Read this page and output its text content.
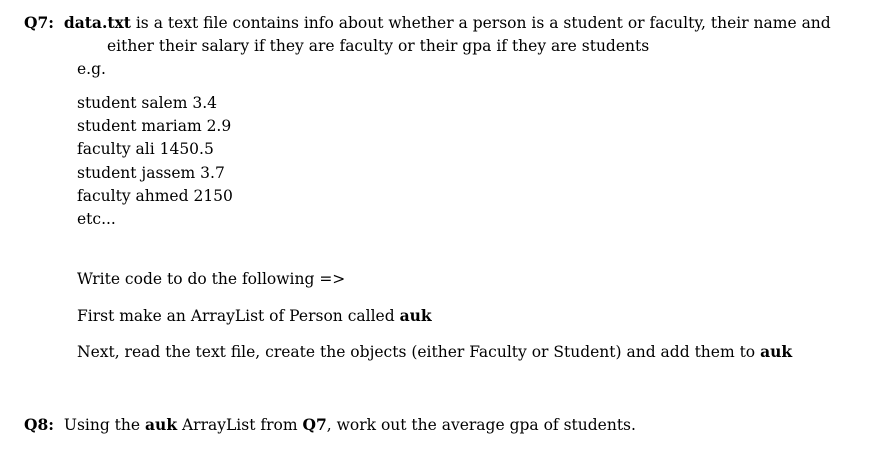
Q7: data.txt is a text file contains info about whether a person is a student or faculty, their name and
either their salary if they are faculty or their gpa if they are students
e.g.
student salem 3.4
student mariam 2.9
faculty ali 1450.5
student jassem 3.7
faculty ahmed 2150
etc...
Write code to do the following =>
First make an ArrayList of Person called auk
Next, read the text file, create the objects (either Faculty or Student) and add them to auk
Q8: Using the auk ArrayList from Q7, work out the average gpa of students.
